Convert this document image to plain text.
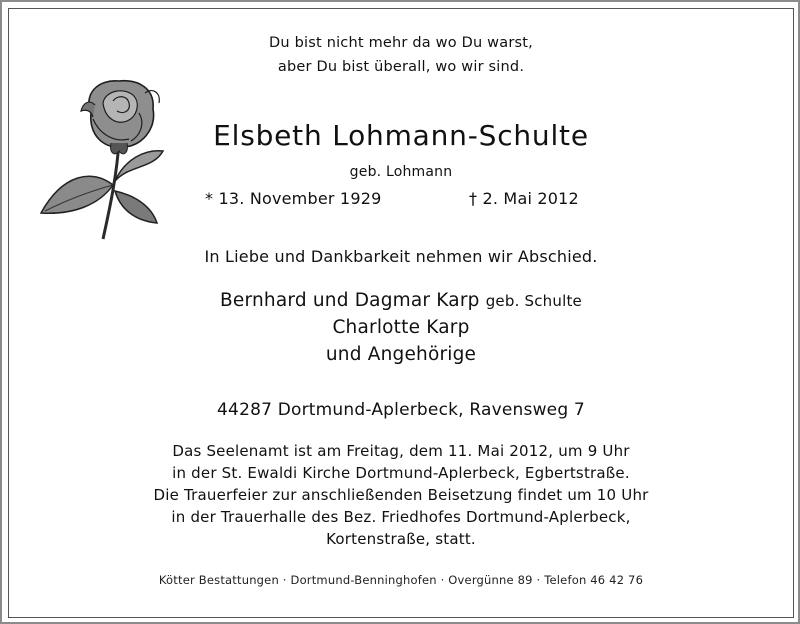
Du bist nicht mehr da wo Du warst,
aber Du bist überall, wo wir sind.
Elsbeth Lohmann-Schulte
geb. Lohmann
* 13. November 1929	† 2. Mai 2012
In Liebe und Dankbarkeit nehmen wir Abschied.
Bernhard und Dagmar Karp geb. Schulte
Charlotte Karp
und Angehörige
44287 Dortmund-Aplerbeck, Ravensweg 7
Das Seelenamt ist am Freitag, dem 11. Mai 2012, um 9 Uhr
in der St. Ewaldi Kirche Dortmund-Aplerbeck, Egbertstraße.
Die Trauerfeier zur anschließenden Beisetzung findet um 10 Uhr
in der Trauerhalle des Bez. Friedhofes Dortmund-Aplerbeck,
Kortenstraße, statt.
Kötter Bestattungen · Dortmund-Benninghofen · Overgünne 89 · Telefon 46 42 76
